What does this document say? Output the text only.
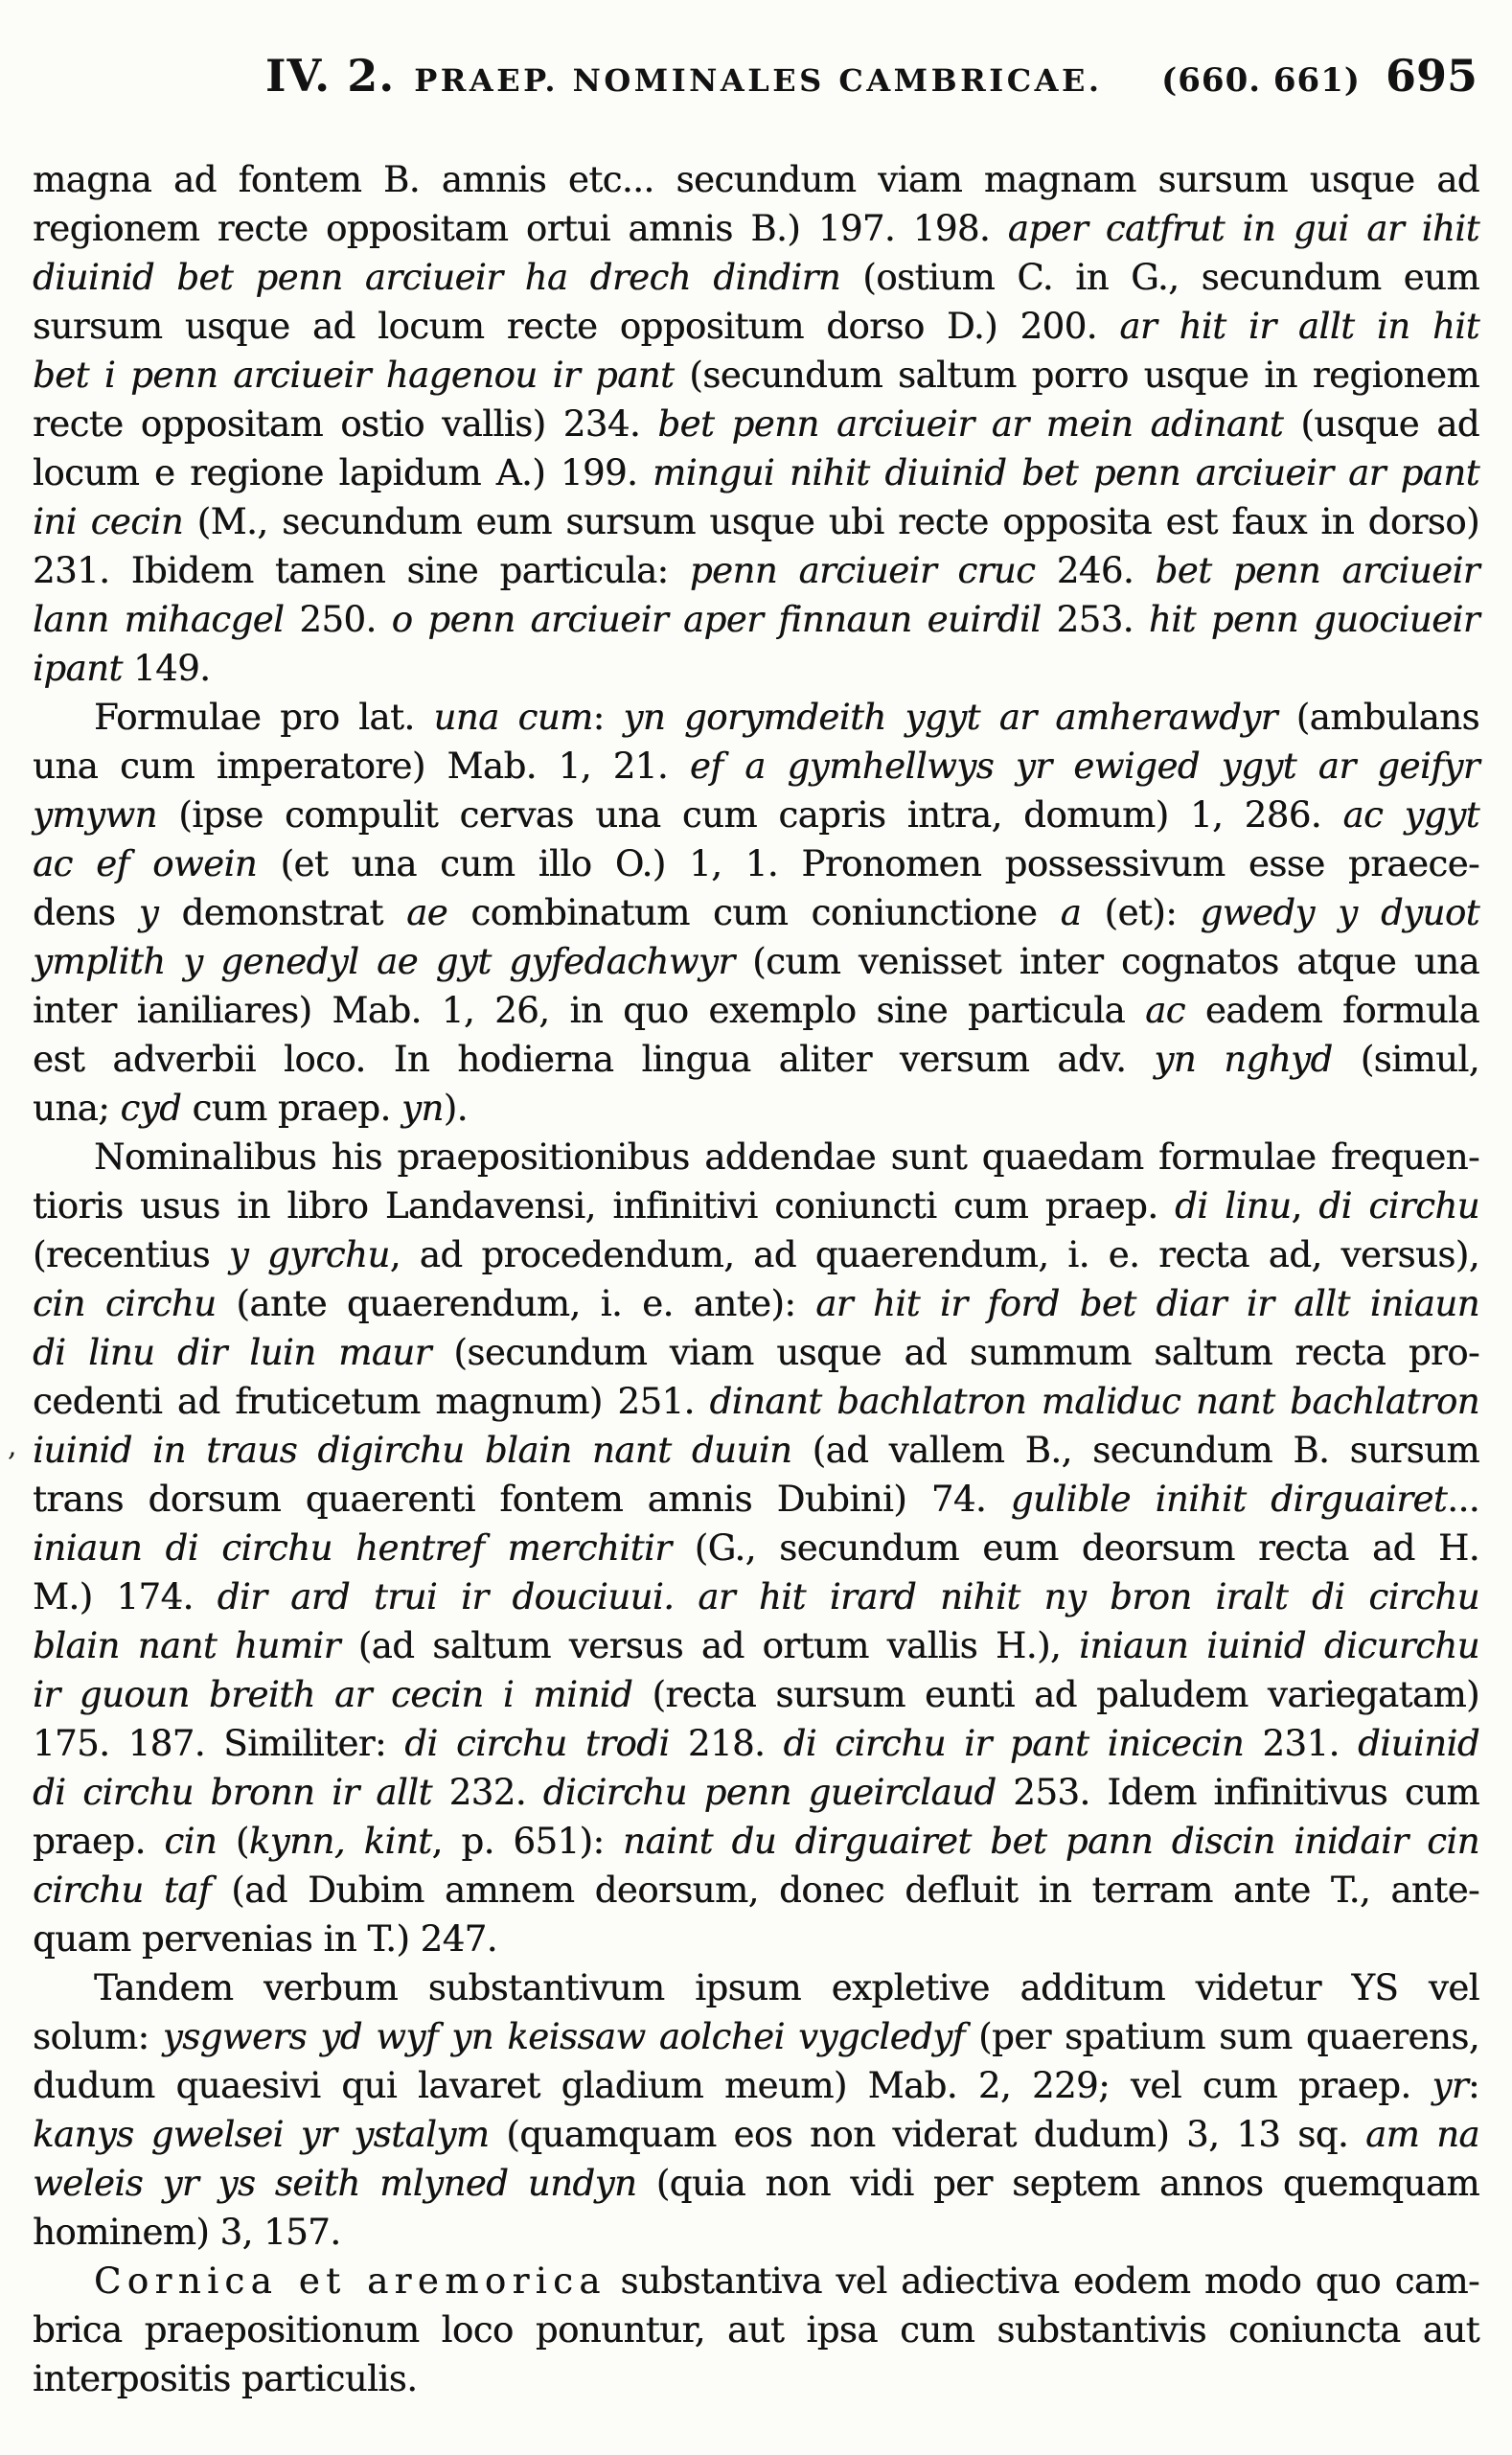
,
IV. 2. PRAEP. NOMINALES CAMBRICAE. (660. 661) 695
magna ad fontem B. amnis etc... secundum viam magnam sursum usque ad
regionem recte oppositam ortui amnis B.) 197. 198. aper catfrut in gui ar ihit
diuinid bet penn arciueir ha drech dindirn (ostium C. in G., secundum eum
sursum usque ad locum recte oppositum dorso D.) 200. ar hit ir allt in hit
bet i penn arciueir hagenou ir pant (secundum saltum porro usque in regionem
recte oppositam ostio vallis) 234. bet penn arciueir ar mein adinant (usque ad
locum e regione lapidum A.) 199. mingui nihit diuinid bet penn arciueir ar pant
ini cecin (M., secundum eum sursum usque ubi recte opposita est faux in dorso)
231. Ibidem tamen sine particula: penn arciueir cruc 246. bet penn arciueir
lann mihacgel 250. o penn arciueir aper finnaun euirdil 253. hit penn guociueir
ipant 149.
Formulae pro lat. una cum: yn gorymdeith ygyt ar amherawdyr (ambulans
una cum imperatore) Mab. 1, 21. ef a gymhellwys yr ewiged ygyt ar geifyr
ymywn (ipse compulit cervas una cum capris intra, domum) 1, 286. ac ygyt
ac ef owein (et una cum illo O.) 1, 1. Pronomen possessivum esse praece-
dens y demonstrat ae combinatum cum coniunctione a (et): gwedy y dyuot
ymplith y genedyl ae gyt gyfedachwyr (cum venisset inter cognatos atque una
inter ianiliares) Mab. 1, 26, in quo exemplo sine particula ac eadem formula
est adverbii loco. In hodierna lingua aliter versum adv. yn nghyd (simul,
una; cyd cum praep. yn).
Nominalibus his praepositionibus addendae sunt quaedam formulae frequen-
tioris usus in libro Landavensi, infinitivi coniuncti cum praep. di linu, di circhu
(recentius y gyrchu, ad procedendum, ad quaerendum, i. e. recta ad, versus),
cin circhu (ante quaerendum, i. e. ante): ar hit ir ford bet diar ir allt iniaun
di linu dir luin maur (secundum viam usque ad summum saltum recta pro-
cedenti ad fruticetum magnum) 251. dinant bachlatron maliduc nant bachlatron
iuinid in traus digirchu blain nant duuin (ad vallem B., secundum B. sursum
trans dorsum quaerenti fontem amnis Dubini) 74. gulible inihit dirguairet...
iniaun di circhu hentref merchitir (G., secundum eum deorsum recta ad H.
M.) 174. dir ard trui ir douciuui. ar hit irard nihit ny bron iralt di circhu
blain nant humir (ad saltum versus ad ortum vallis H.), iniaun iuinid dicurchu
ir guoun breith ar cecin i minid (recta sursum eunti ad paludem variegatam)
175. 187. Similiter: di circhu trodi 218. di circhu ir pant inicecin 231. diuinid
di circhu bronn ir allt 232. dicirchu penn gueirclaud 253. Idem infinitivus cum
praep. cin (kynn, kint, p. 651): naint du dirguairet bet pann discin inidair cin
circhu taf (ad Dubim amnem deorsum, donec defluit in terram ante T., ante-
quam pervenias in T.) 247.
Tandem verbum substantivum ipsum expletive additum videtur YS vel
solum: ysgwers yd wyf yn keissaw aolchei vygcledyf (per spatium sum quaerens,
dudum quaesivi qui lavaret gladium meum) Mab. 2, 229; vel cum praep. yr:
kanys gwelsei yr ystalym (quamquam eos non viderat dudum) 3, 13 sq. am na
weleis yr ys seith mlyned undyn (quia non vidi per septem annos quemquam
hominem) 3, 157.
Cornica et aremorica substantiva vel adiectiva eodem modo quo cam-
brica praepositionum loco ponuntur, aut ipsa cum substantivis coniuncta aut
interpositis particulis.
